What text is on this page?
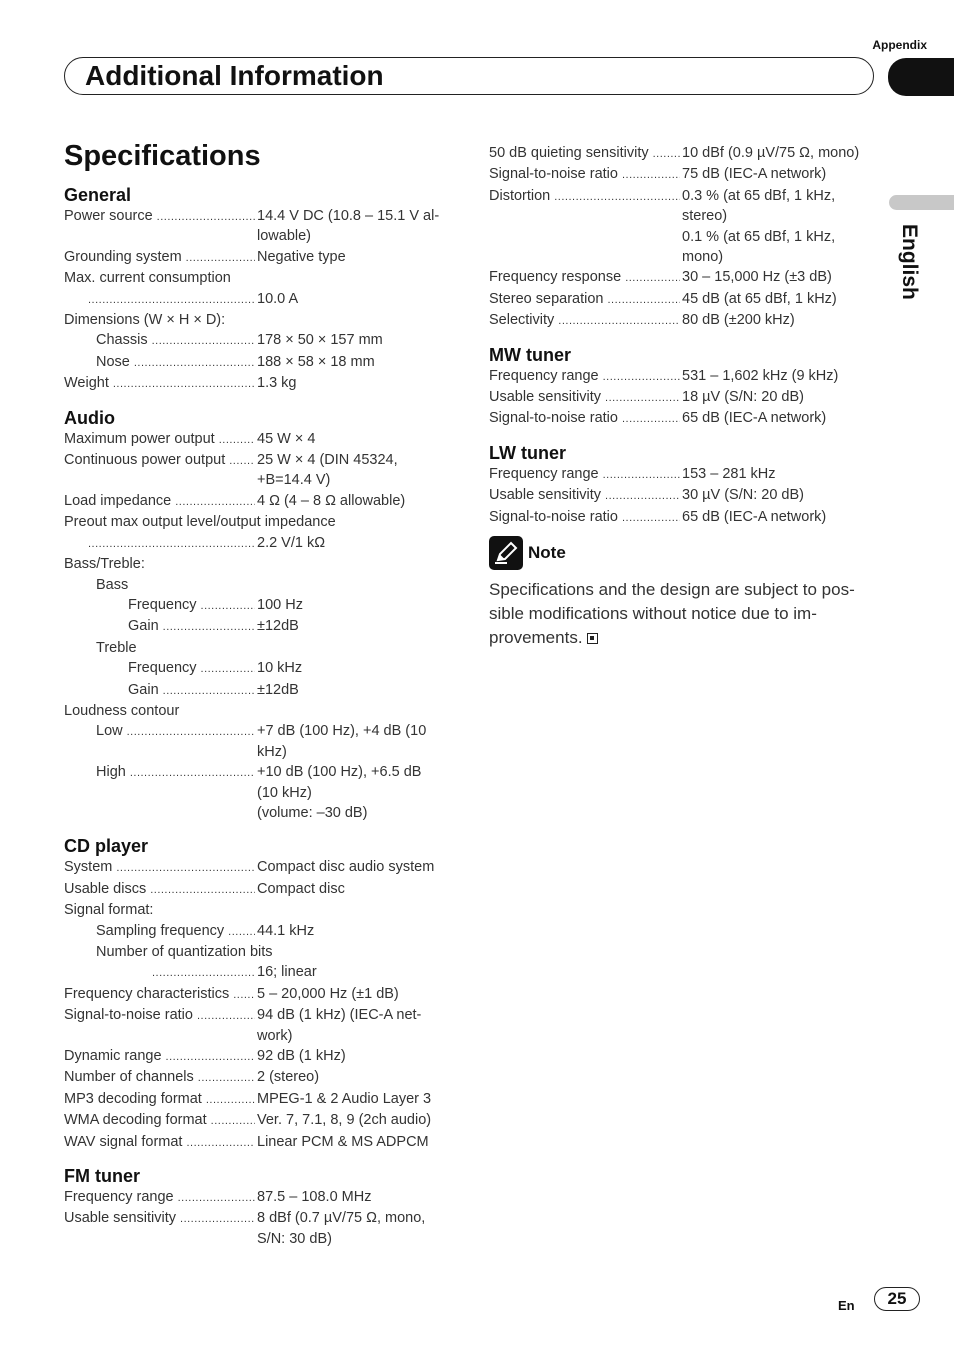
Appendix
Additional Information
English
Specifications
General
Power source .....	14.4 V DC (10.8 – 15.1 V al-
lowable)
Grounding system .....	Negative type
Max. current consumption
.....
10.0 A
Dimensions (W × H × D):
Chassis .....	178 × 50 × 157 mm
Nose .....	188 × 58 × 18 mm
Weight .....	1.3 kg
Audio
Maximum power output .....	45 W × 4
Continuous power output ..... 25 W × 4 (DIN 45324,
+B=14.4 V)
Load impedance .....	4 Ω (4 – 8 Ω allowable)
Preout max output level/output impedance
.....
2.2 V/1 kΩ
Bass/Treble:
Bass
Frequency .....	100 Hz
Gain .....	±12dB
Treble
Frequency .....	10 kHz
Gain .....	±12dB
Loudness contour
Low .....	+7 dB (100 Hz), +4 dB (10
kHz)
High .....	+10 dB (100 Hz), +6.5 dB
(10 kHz)
(volume: –30 dB)
CD player
System .....	Compact disc audio system
Usable discs .....	Compact disc
Signal format:
Sampling frequency ..... 44.1 kHz
Number of quantization bits
.....
16; linear
Frequency characteristics ..... 5 – 20,000 Hz (±1 dB)
Signal-to-noise ratio .....	94 dB (1 kHz) (IEC-A net-
work)
Dynamic range .....	92 dB (1 kHz)
Number of channels .....	2 (stereo)
MP3 decoding format .....	MPEG-1 & 2 Audio Layer 3
WMA decoding format .....	Ver. 7, 7.1, 8, 9 (2ch audio)
WAV signal format .....	Linear PCM & MS ADPCM
FM tuner
Frequency range .....	87.5 – 108.0 MHz
Usable sensitivity .....	8 dBf (0.7 µV/75 Ω, mono,
S/N: 30 dB)
50 dB quieting sensitivity ..... 10 dBf (0.9 µV/75 Ω, mono)
Signal-to-noise ratio .....	75 dB (IEC-A network)
Distortion .....	0.3 % (at 65 dBf, 1 kHz,
stereo)
0.1 % (at 65 dBf, 1 kHz,
mono)
Frequency response .....	30 – 15,000 Hz (±3 dB)
Stereo separation .....	45 dB (at 65 dBf, 1 kHz)
Selectivity .....	80 dB (±200 kHz)
MW tuner
Frequency range .....	531 – 1,602 kHz (9 kHz)
Usable sensitivity .....	18 µV (S/N: 20 dB)
Signal-to-noise ratio .....	65 dB (IEC-A network)
LW tuner
Frequency range .....	153 – 281 kHz
Usable sensitivity .....	30 µV (S/N: 20 dB)
Signal-to-noise ratio .....	65 dB (IEC-A network)
Note
Specifications and the design are subject to pos-sible modifications without notice due to im-provements.
En	25
